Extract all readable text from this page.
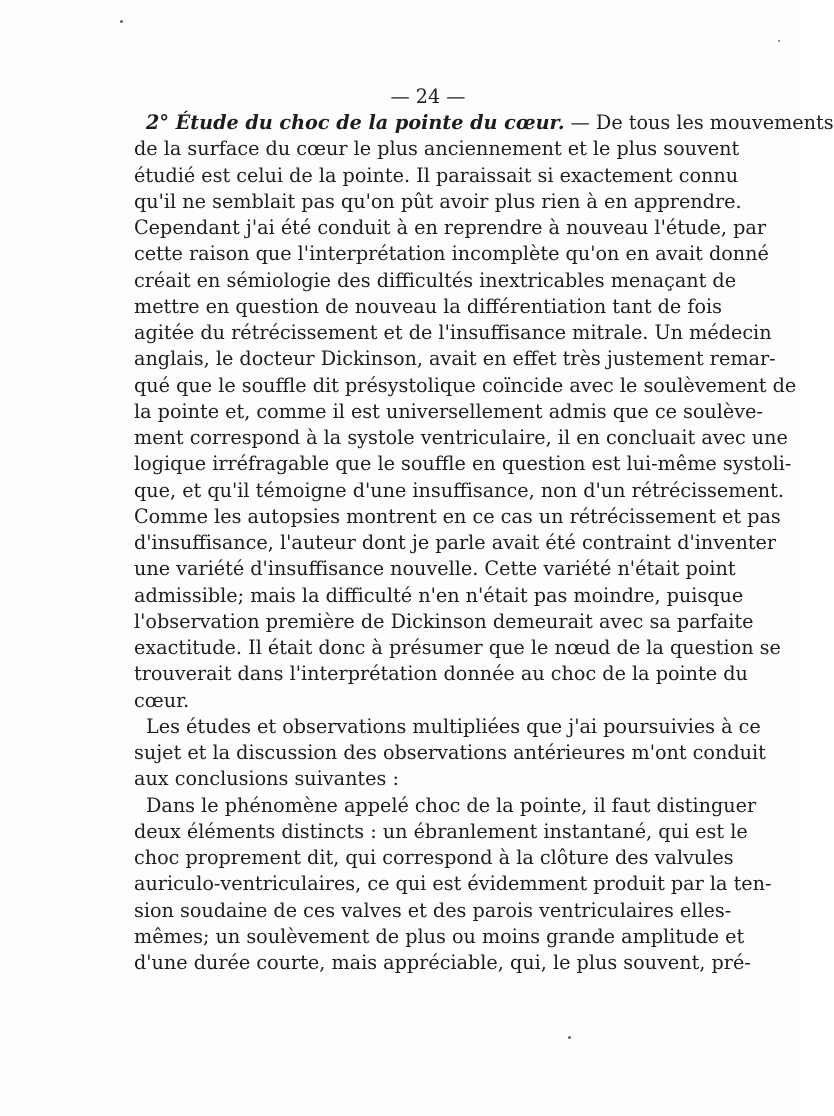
— 24 —
2° Étude du choc de la pointe du cœur. — De tous les mouvements
de la surface du cœur le plus anciennement et le plus souvent
étudié est celui de la pointe. Il paraissait si exactement connu
qu'il ne semblait pas qu'on pût avoir plus rien à en apprendre.
Cependant j'ai été conduit à en reprendre à nouveau l'étude, par
cette raison que l'interprétation incomplète qu'on en avait donné
créait en sémiologie des difficultés inextricables menaçant de
mettre en question de nouveau la différentiation tant de fois
agitée du rétrécissement et de l'insuffisance mitrale. Un médecin
anglais, le docteur Dickinson, avait en effet très justement remar-
qué que le souffle dit présystolique coïncide avec le soulèvement de
la pointe et, comme il est universellement admis que ce soulève-
ment correspond à la systole ventriculaire, il en concluait avec une
logique irréfragable que le souffle en question est lui-même systoli-
que, et qu'il témoigne d'une insuffisance, non d'un rétrécissement.
Comme les autopsies montrent en ce cas un rétrécissement et pas
d'insuffisance, l'auteur dont je parle avait été contraint d'inventer
une variété d'insuffisance nouvelle. Cette variété n'était point
admissible; mais la difficulté n'en n'était pas moindre, puisque
l'observation première de Dickinson demeurait avec sa parfaite
exactitude. Il était donc à présumer que le nœud de la question se
trouverait dans l'interprétation donnée au choc de la pointe du
cœur.
Les études et observations multipliées que j'ai poursuivies à ce
sujet et la discussion des observations antérieures m'ont conduit
aux conclusions suivantes :
Dans le phénomène appelé choc de la pointe, il faut distinguer
deux éléments distincts : un ébranlement instantané, qui est le
choc proprement dit, qui correspond à la clôture des valvules
auriculo-ventriculaires, ce qui est évidemment produit par la ten-
sion soudaine de ces valves et des parois ventriculaires elles-
mêmes; un soulèvement de plus ou moins grande amplitude et
d'une durée courte, mais appréciable, qui, le plus souvent, pré-
